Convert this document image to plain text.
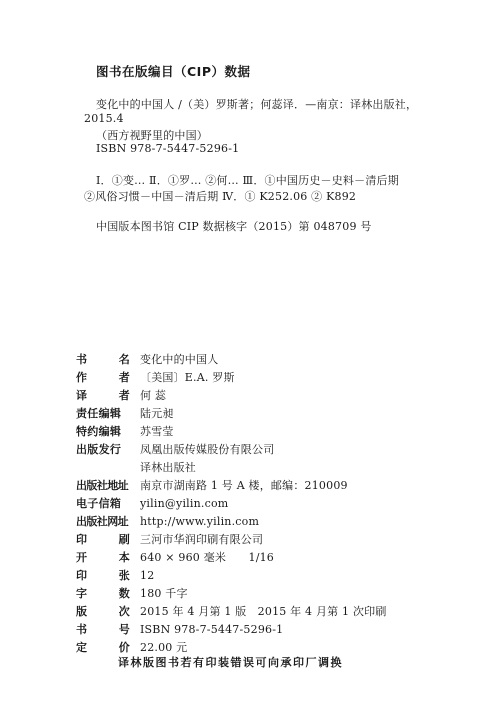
图书在版编目（CIP）数据
变化中的中国人 /（美）罗斯著；何蕊译．—南京：译林出版社，
2015.4
（西方视野里的中国）
ISBN 978-7-5447-5296-1
Ⅰ．①变… Ⅱ．①罗… ②何… Ⅲ．①中国历史－史料－清后期
②风俗习惯－中国－清后期 Ⅳ．① K252.06 ② K892
中国版本图书馆 CIP 数据核字（2015）第 048709 号
书	名 变化中的中国人
作	者 〔美国〕E.A. 罗斯
译	者 何 蕊
责任编辑	陆元昶
特约编辑	苏雪莹
出版发行	凤凰出版传媒股份有限公司
译林出版社
出版社地址	南京市湖南路 1 号 A 楼，邮编：210009
电子信箱	yilin@yilin.com
出版社网址	http://www.yilin.com
印	刷 三河市华润印刷有限公司
开	本 640 × 960 毫米　　1/16
印	张 12
字	数 180 千字
版	次 2015 年 4 月第 1 版　2015 年 4 月第 1 次印刷
书	号 ISBN 978-7-5447-5296-1
定	价 22.00 元
译林版图书若有印装错误可向承印厂调换
